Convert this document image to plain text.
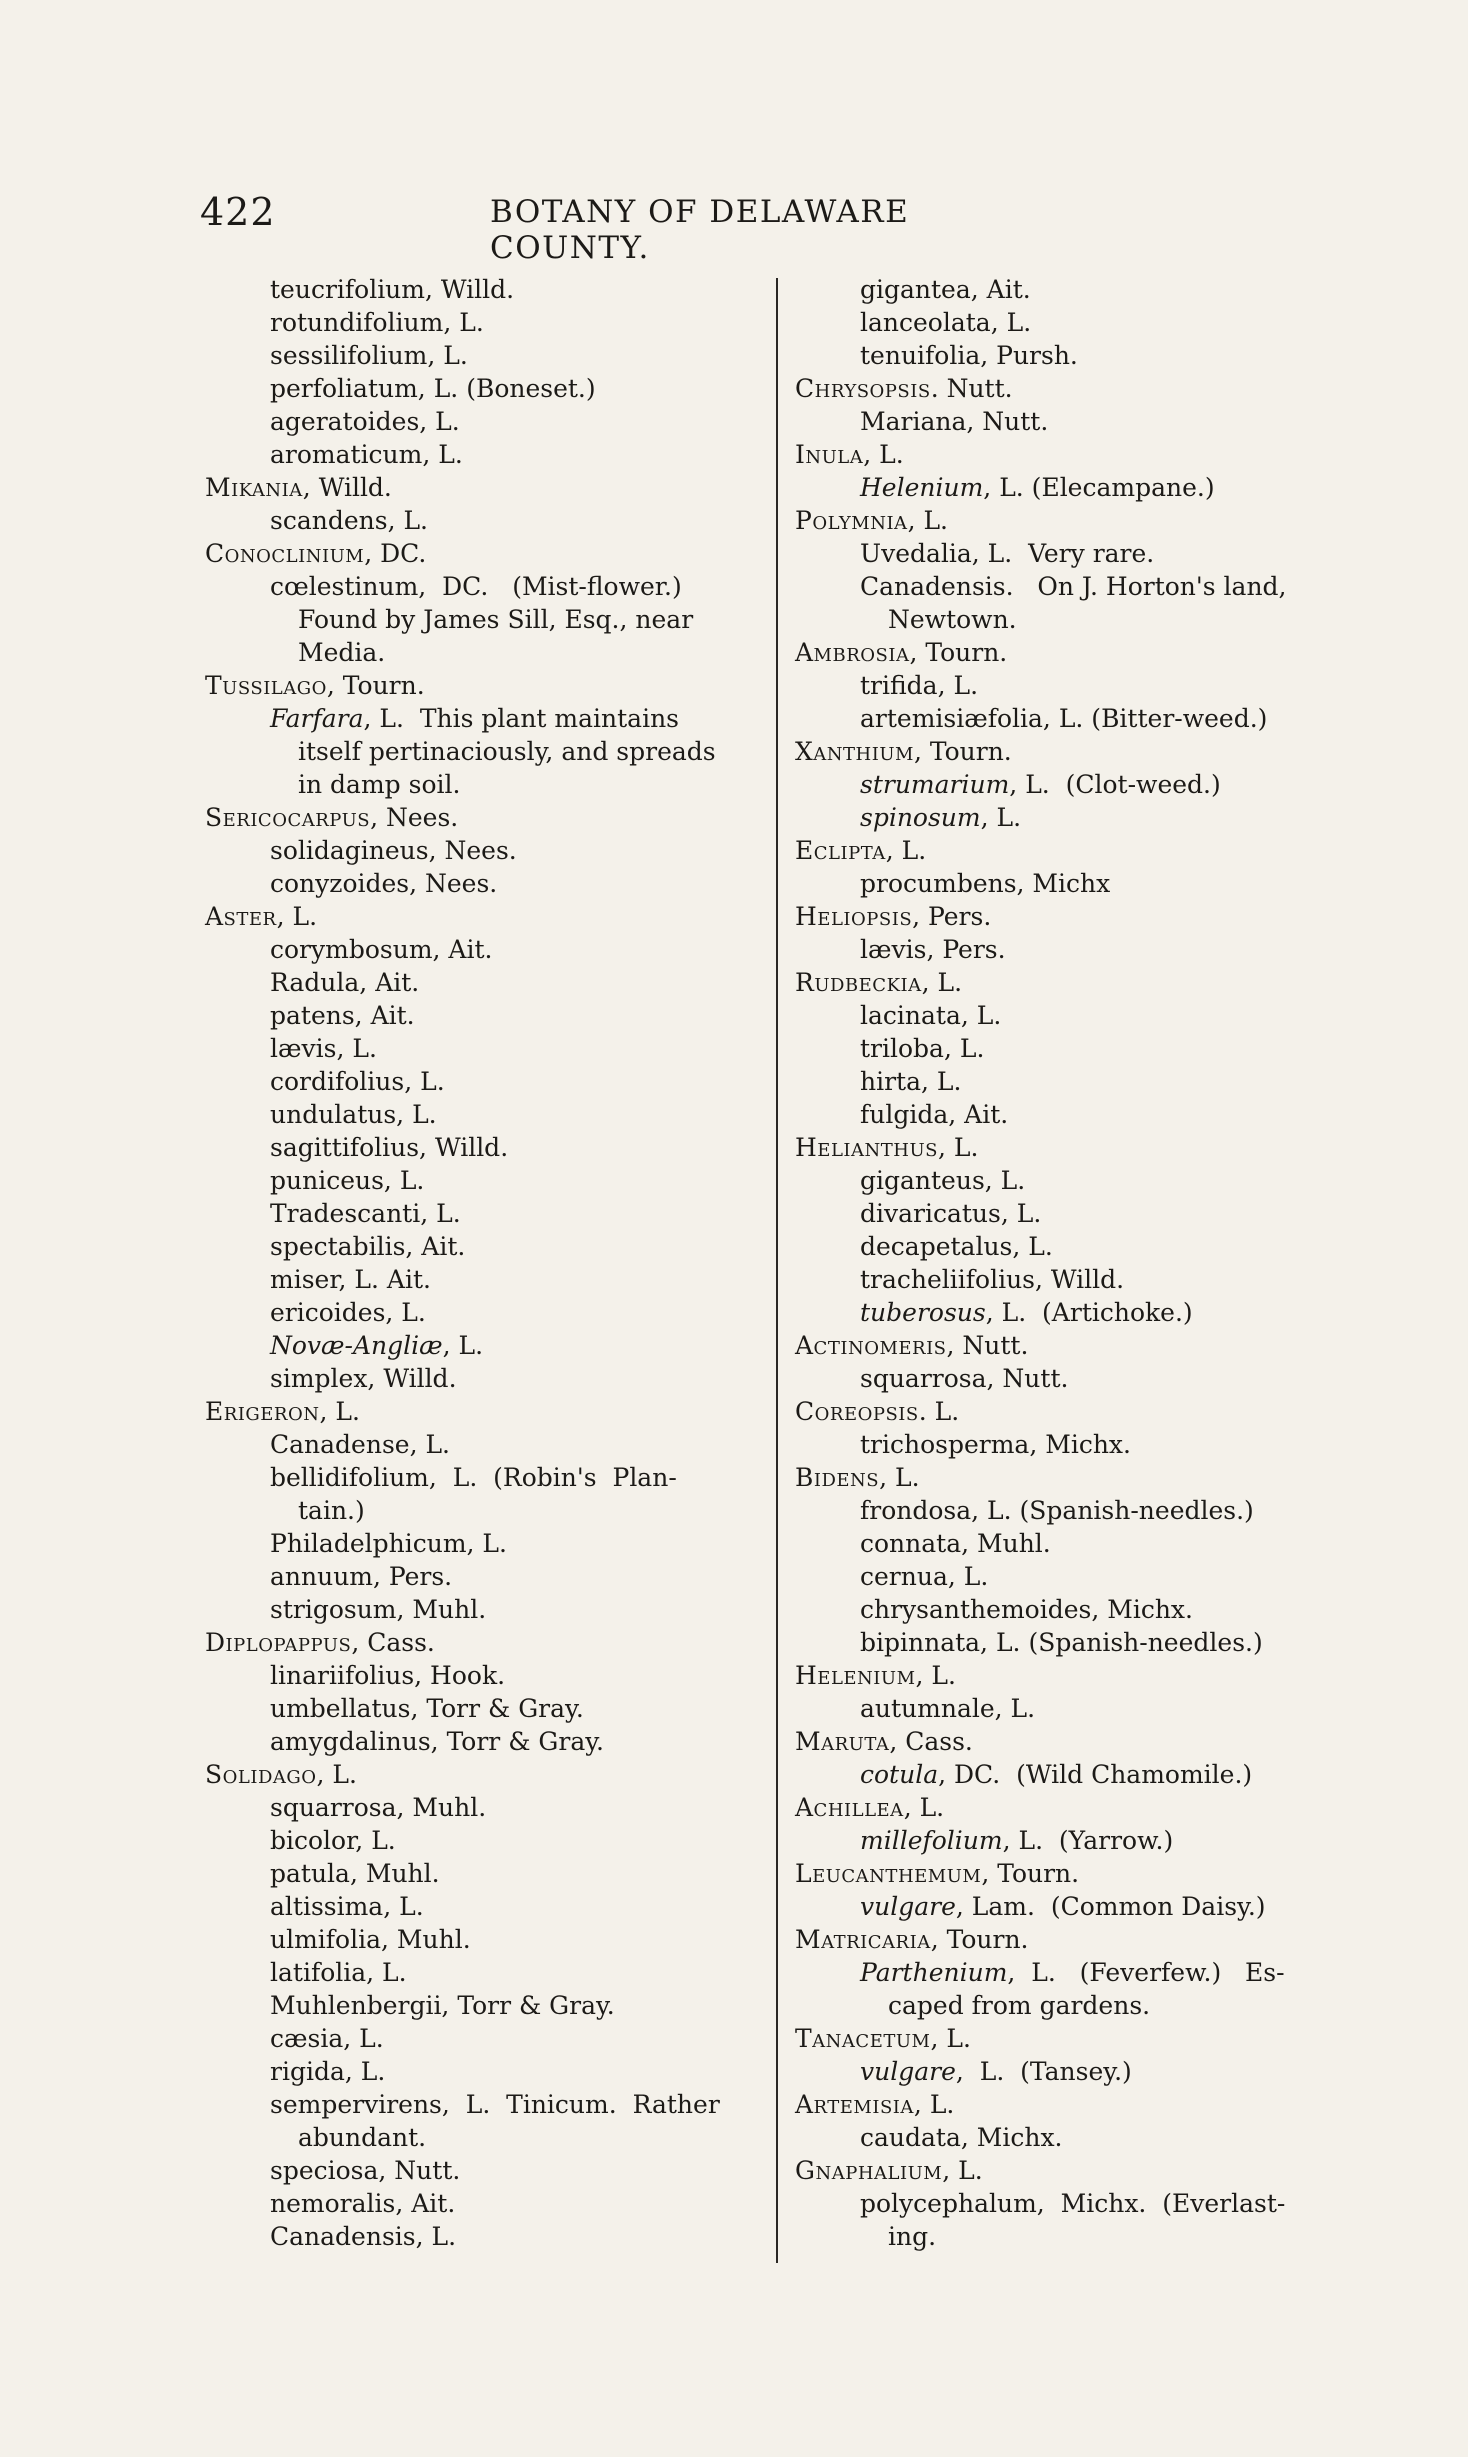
422	BOTANY OF DELAWARE COUNTY.
teucrifolium, Willd.
rotundifolium, L.
sessilifolium, L.
perfoliatum, L. (Boneset.)
ageratoides, L.
aromaticum, L.
Mikania, Willd.
scandens, L.
Conoclinium, DC.
cœlestinum,  DC.   (Mist-flower.)
Found by James Sill, Esq., near
Media.
Tussilago, Tourn.
Farfara, L.  This plant maintains
itself pertinaciously, and spreads
in damp soil.
Sericocarpus, Nees.
solidagineus, Nees.
conyzoides, Nees.
Aster, L.
corymbosum, Ait.
Radula, Ait.
patens, Ait.
lævis, L.
cordifolius, L.
undulatus, L.
sagittifolius, Willd.
puniceus, L.
Tradescanti, L.
spectabilis, Ait.
miser, L. Ait.
ericoides, L.
Novæ-Angliæ, L.
simplex, Willd.
Erigeron, L.
Canadense, L.
bellidifolium,  L.  (Robin's  Plan-
tain.)
Philadelphicum, L.
annuum, Pers.
strigosum, Muhl.
Diplopappus, Cass.
linariifolius, Hook.
umbellatus, Torr & Gray.
amygdalinus, Torr & Gray.
Solidago, L.
squarrosa, Muhl.
bicolor, L.
patula, Muhl.
altissima, L.
ulmifolia, Muhl.
latifolia, L.
Muhlenbergii, Torr & Gray.
cæsia, L.
rigida, L.
sempervirens,  L.  Tinicum.  Rather
abundant.
speciosa, Nutt.
nemoralis, Ait.
Canadensis, L.
gigantea, Ait.
lanceolata, L.
tenuifolia, Pursh.
Chrysopsis. Nutt.
Mariana, Nutt.
Inula, L.
Helenium, L. (Elecampane.)
Polymnia, L.
Uvedalia, L.  Very rare.
Canadensis.   On J. Horton's land,
Newtown.
Ambrosia, Tourn.
trifida, L.
artemisiæfolia, L. (Bitter-weed.)
Xanthium, Tourn.
strumarium, L.  (Clot-weed.)
spinosum, L.
Eclipta, L.
procumbens, Michx
Heliopsis, Pers.
lævis, Pers.
Rudbeckia, L.
lacinata, L.
triloba, L.
hirta, L.
fulgida, Ait.
Helianthus, L.
giganteus, L.
divaricatus, L.
decapetalus, L.
tracheliifolius, Willd.
tuberosus, L.  (Artichoke.)
Actinomeris, Nutt.
squarrosa, Nutt.
Coreopsis. L.
trichosperma, Michx.
Bidens, L.
frondosa, L. (Spanish-needles.)
connata, Muhl.
cernua, L.
chrysanthemoides, Michx.
bipinnata, L. (Spanish-needles.)
Helenium, L.
autumnale, L.
Maruta, Cass.
cotula, DC.  (Wild Chamomile.)
Achillea, L.
millefolium, L.  (Yarrow.)
Leucanthemum, Tourn.
vulgare, Lam.  (Common Daisy.)
Matricaria, Tourn.
Parthenium,  L.   (Feverfew.)   Es-
caped from gardens.
Tanacetum, L.
vulgare,  L.  (Tansey.)
Artemisia, L.
caudata, Michx.
Gnaphalium, L.
polycephalum,  Michx.  (Everlast-
ing.
